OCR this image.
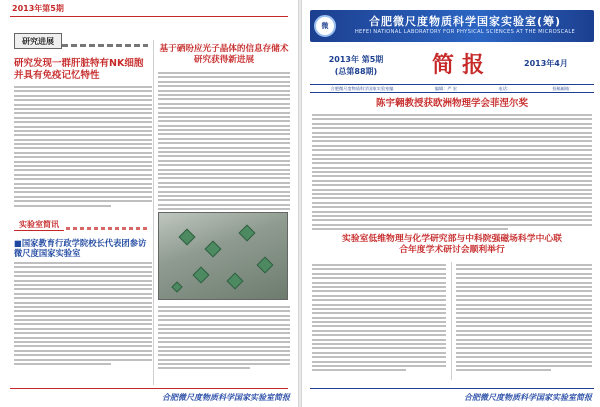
2013年第5期
研究进展
研究发现一群肝脏特有NK细胞并具有免疫记忆特性
实验室简讯
■国家教育行政学院校长代表团参访微尺度国家实验室
基于硒吩应光子晶体的信息存储术研究获得新进展
合肥微尺度物质科学国家实验室简报
微	合肥微尺度物质科学国家实验室(筹)
HEFEI NATIONAL LABORATORY FOR PHYSICAL SCIENCES AT THE MICROSCALE
2013年 第5期
(总第88期)	简报	2013年4月
合肥微尺度物质科学国家实验室编	编辑：严 宏	电话：	投稿邮箱：
陈宇翱教授获欧洲物理学会菲涅尔奖
实验室低维物理与化学研究部与中科院强磁场科学中心联合年度学术研讨会顺利举行
合肥微尺度物质科学国家实验室简报
